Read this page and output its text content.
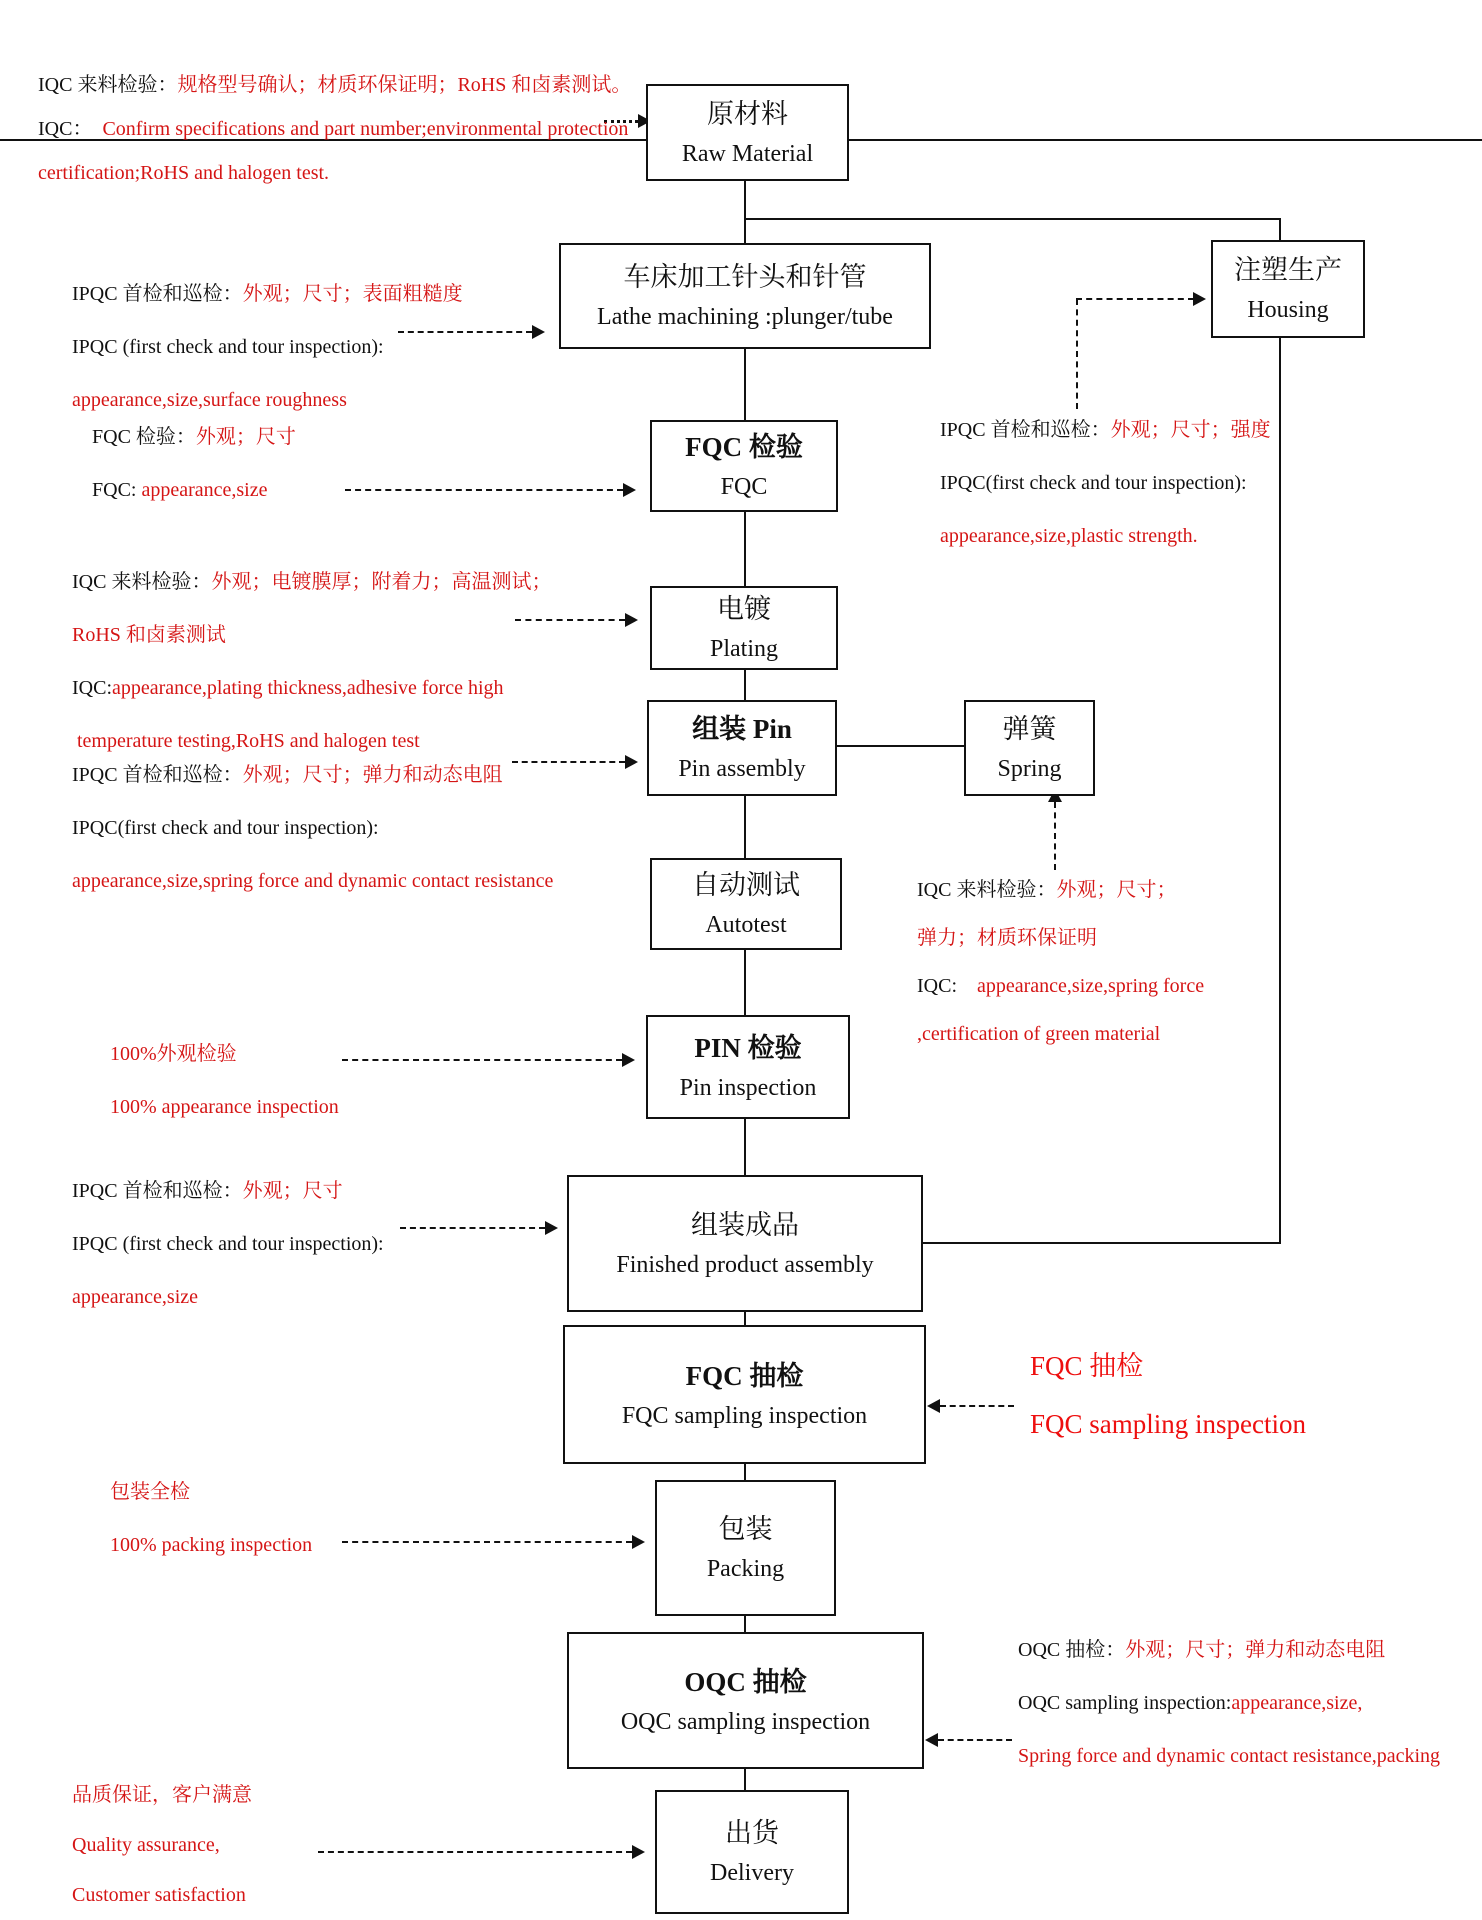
原材料
Raw Material
车床加工针头和针管
Lathe machining :plunger/tube
注塑生产
Housing
FQC 检验
FQC
电镀
Plating
组装 Pin
Pin assembly
弹簧
Spring
自动测试
Autotest
PIN 检验
Pin inspection
组装成品
Finished product assembly
FQC 抽检
FQC sampling inspection
包装
Packing
OQC 抽检
OQC sampling inspection
出货
Delivery
IQC 来料检验：规格型号确认；材质环保证明；RoHS 和卤素测试。
IQC：  Confirm specifications and part number;environmental protection
certification;RoHS and halogen test.
IPQC 首检和巡检：外观；尺寸；表面粗糙度
IPQC (first check and tour inspection):
appearance,size,surface roughness
FQC 检验：外观；尺寸
FQC: appearance,size
IQC 来料检验：外观；电镀膜厚；附着力；高温测试；
RoHS 和卤素测试
IQC:appearance,plating thickness,adhesive force high
temperature testing,RoHS and halogen test
IPQC 首检和巡检：外观；尺寸；弹力和动态电阻
IPQC(first check and tour inspection):
appearance,size,spring force and dynamic contact resistance
100%外观检验
100% appearance inspection
IPQC 首检和巡检：外观；尺寸
IPQC (first check and tour inspection):
appearance,size
包装全检
100% packing inspection
品质保证，客户满意
Quality assurance,
Customer satisfaction
IPQC 首检和巡检：外观；尺寸；强度
IPQC(first check and tour inspection):
appearance,size,plastic strength.
IQC 来料检验：外观；尺寸；
弹力；材质环保证明
IQC:    appearance,size,spring force
,certification of green material
FQC 抽检
FQC sampling inspection
OQC 抽检：外观；尺寸；弹力和动态电阻
OQC sampling inspection:appearance,size,
Spring force and dynamic contact resistance,packing
